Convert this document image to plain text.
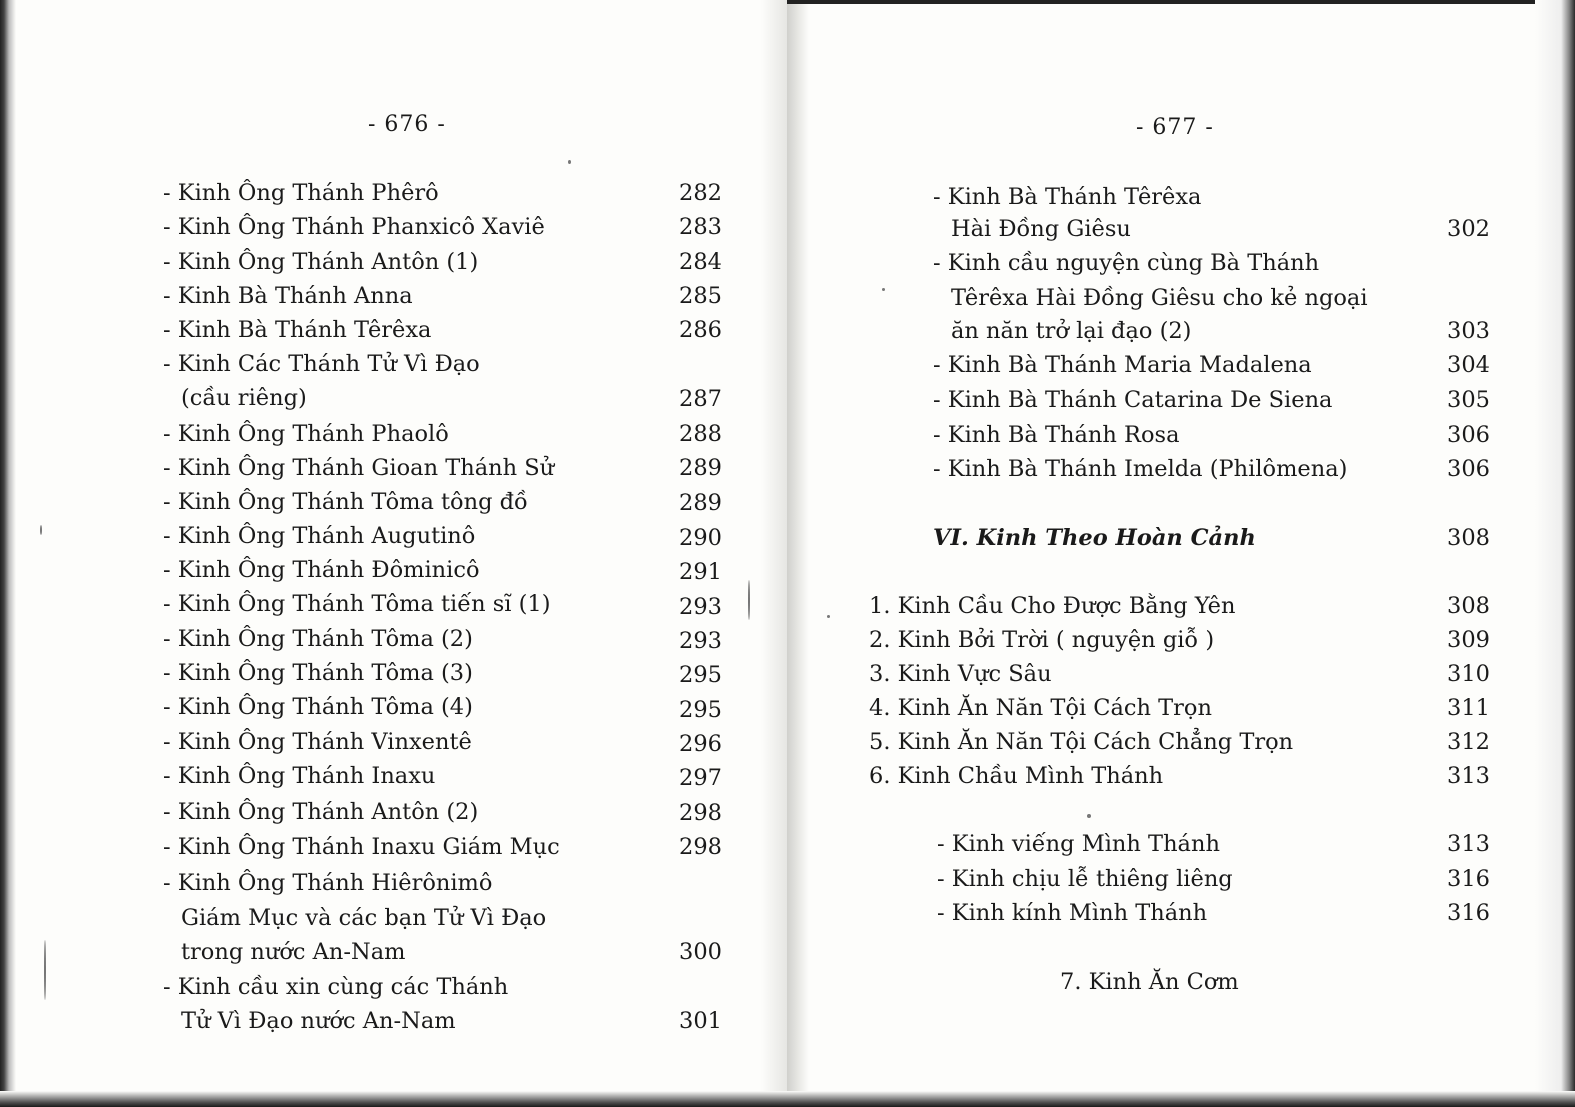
- 676 -
- Kinh Ông Thánh Phêrô	282
- Kinh Ông Thánh Phanxicô Xaviê	283
- Kinh Ông Thánh Antôn (1)	284
- Kinh Bà Thánh Anna	285
- Kinh Bà Thánh Têrêxa	286
- Kinh Các Thánh Tử Vì Đạo
(cầu riêng)	287
- Kinh Ông Thánh Phaolô	288
- Kinh Ông Thánh Gioan Thánh Sử	289
- Kinh Ông Thánh Tôma tông đồ	289
- Kinh Ông Thánh Augutinô	290
- Kinh Ông Thánh Đôminicô	291
- Kinh Ông Thánh Tôma tiến sĩ (1)	293
- Kinh Ông Thánh Tôma (2)	293
- Kinh Ông Thánh Tôma (3)	295
- Kinh Ông Thánh Tôma (4)	295
- Kinh Ông Thánh Vinxentê	296
- Kinh Ông Thánh Inaxu	297
- Kinh Ông Thánh Antôn (2)	298
- Kinh Ông Thánh Inaxu Giám Mục	298
- Kinh Ông Thánh Hiêrônimô
Giám Mục và các bạn Tử Vì Đạo
trong nước An-Nam	300
- Kinh cầu xin cùng các Thánh
Tử Vì Đạo nước An-Nam	301
- 677 -
- Kinh Bà Thánh Têrêxa
Hài Đồng Giêsu	302
- Kinh cầu nguyện cùng Bà Thánh
Têrêxa Hài Đồng Giêsu cho kẻ ngoại
ăn năn trở lại đạo (2)	303
- Kinh Bà Thánh Maria Madalena	304
- Kinh Bà Thánh Catarina De Siena	305
- Kinh Bà Thánh Rosa	306
- Kinh Bà Thánh Imelda (Philômena)	306
VI. Kinh Theo Hoàn Cảnh	308
1. Kinh Cầu Cho Được Bằng Yên	308
2. Kinh Bởi Trời ( nguyện giỗ )	309
3. Kinh Vực Sâu	310
4. Kinh Ăn Năn Tội Cách Trọn	311
5. Kinh Ăn Năn Tội Cách Chẳng Trọn	312
6. Kinh Chầu Mình Thánh	313
- Kinh viếng Mình Thánh	313
- Kinh chịu lễ thiêng liêng	316
- Kinh kính Mình Thánh	316
7. Kinh Ăn Cơm
